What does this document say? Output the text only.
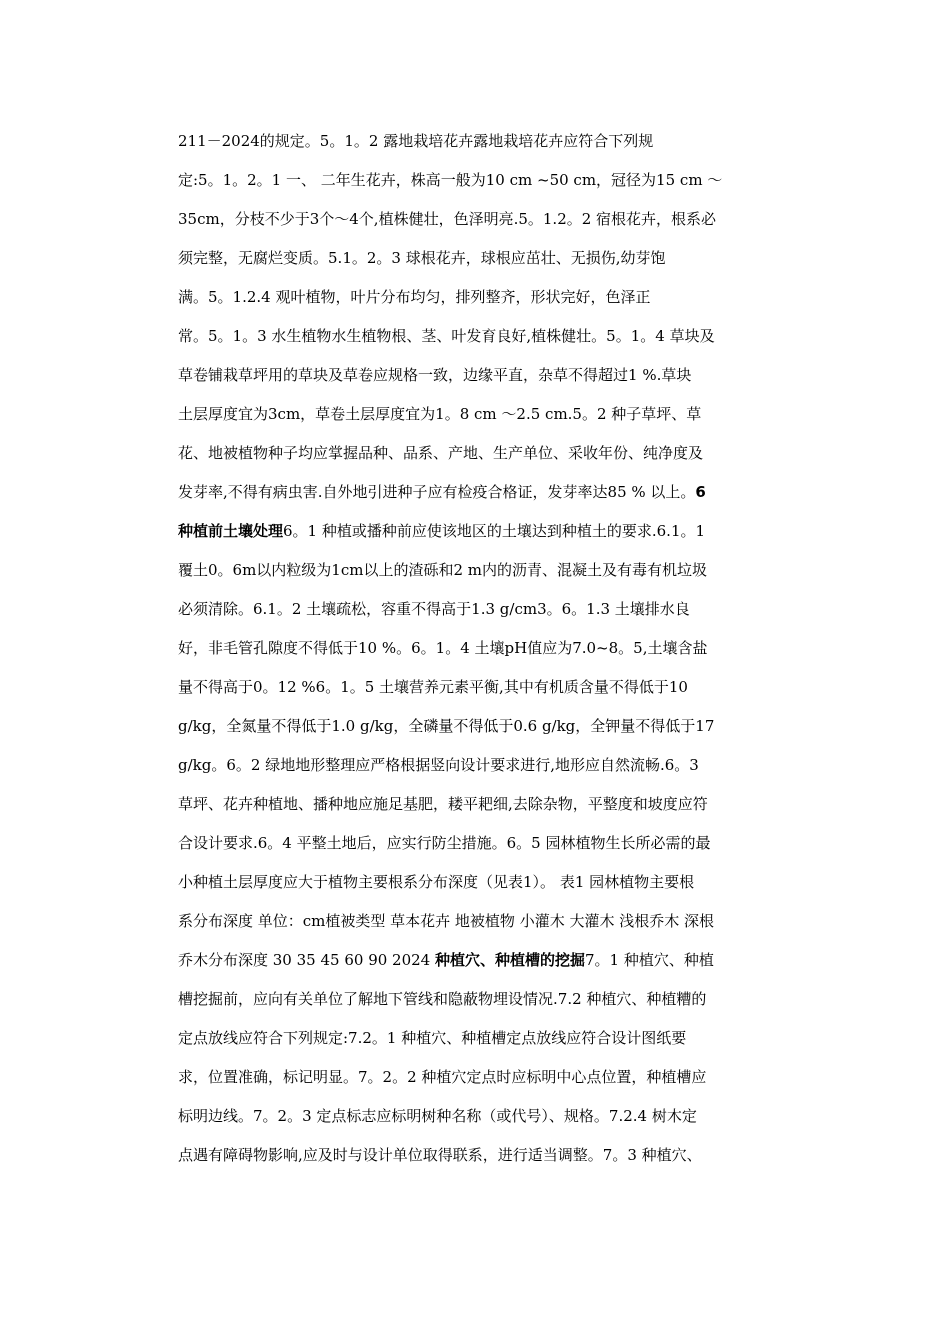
211－2024的规定。5。1。2 露地栽培花卉露地栽培花卉应符合下列规
定:5。1。2。1 一、 二年生花卉，株高一般为10 cm ~50 cm，冠径为15 cm ～
35cm，分枝不少于3个～4个,植株健壮，色泽明亮.5。1.2。2 宿根花卉，根系必
须完整，无腐烂变质。5.1。2。3 球根花卉，球根应茁壮、无损伤,幼芽饱
满。5。1.2.4 观叶植物，叶片分布均匀，排列整齐，形状完好，色泽正
常。5。1。3 水生植物水生植物根、茎、叶发育良好,植株健壮。5。1。4 草块及
草卷铺栽草坪用的草块及草卷应规格一致，边缘平直，杂草不得超过1 %.草块
土层厚度宜为3cm，草卷土层厚度宜为1。8 cm ～2.5 cm.5。2 种子草坪、草
花、地被植物种子均应掌握品种、品系、产地、生产单位、采收年份、纯净度及
发芽率,不得有病虫害.自外地引进种子应有检疫合格证，发芽率达85 % 以上。6
种植前土壤处理6。1 种植或播种前应使该地区的土壤达到种植土的要求.6.1。1
覆土0。6m以内粒级为1cm以上的渣砾和2 m内的沥青、混凝土及有毒有机垃圾
必须清除。6.1。2 土壤疏松，容重不得高于1.3 g/cm3。6。1.3 土壤排水良
好，非毛管孔隙度不得低于10 %。6。1。4 土壤pH值应为7.0~8。5,土壤含盐
量不得高于0。12 %6。1。5 土壤营养元素平衡,其中有机质含量不得低于10
g/kg，全氮量不得低于1.0 g/kg，全磷量不得低于0.6 g/kg，全钾量不得低于17
g/kg。6。2 绿地地形整理应严格根据竖向设计要求进行,地形应自然流畅.6。3
草坪、花卉种植地、播种地应施足基肥，耧平耙细,去除杂物，平整度和坡度应符
合设计要求.6。4 平整土地后，应实行防尘措施。6。5 园林植物生长所必需的最
小种植土层厚度应大于植物主要根系分布深度（见表1）。 表1 园林植物主要根
系分布深度 单位：cm植被类型 草本花卉 地被植物 小灌木 大灌木 浅根乔木 深根
乔木分布深度 30 35 45 60 90 2024 种植穴、种植槽的挖掘7。1 种植穴、种植
槽挖掘前，应向有关单位了解地下管线和隐蔽物埋设情况.7.2 种植穴、种植糟的
定点放线应符合下列规定:7.2。1 种植穴、种植槽定点放线应符合设计图纸要
求，位置准确，标记明显。7。2。2 种植穴定点时应标明中心点位置，种植槽应
标明边线。7。2。3 定点标志应标明树种名称（或代号）、规格。7.2.4 树木定
点遇有障碍物影响,应及时与设计单位取得联系，进行适当调整。7。3 种植穴、
